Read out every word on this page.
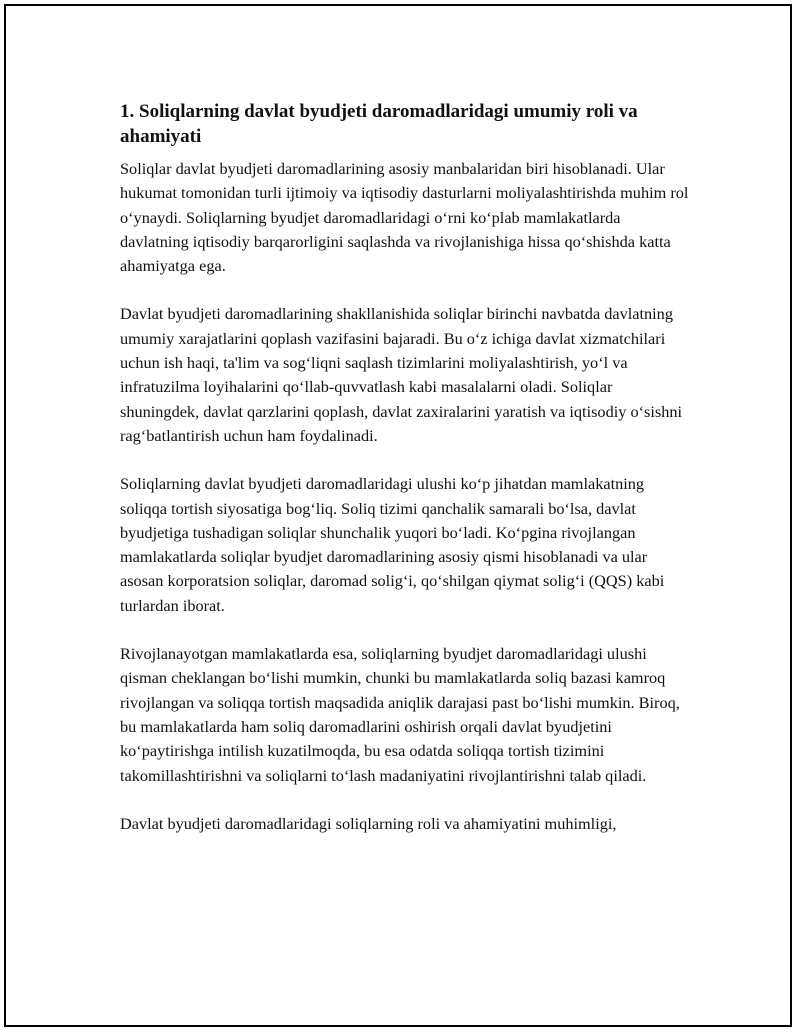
1. Soliqlarning davlat byudjeti daromadlaridagi umumiy roli va ahamiyati

Soliqlar davlat byudjeti daromadlarining asosiy manbalaridan biri hisoblanadi. Ular hukumat tomonidan turli ijtimoiy va iqtisodiy dasturlarni moliyalashtirishda muhim rol o‘ynaydi. Soliqlarning byudjet daromadlaridagi o‘rni ko‘plab mamlakatlarda davlatning iqtisodiy barqarorligini saqlashda va rivojlanishiga hissa qo‘shishda katta ahamiyatga ega.

Davlat byudjeti daromadlarining shakllanishida soliqlar birinchi navbatda davlatning umumiy xarajatlarini qoplash vazifasini bajaradi. Bu o‘z ichiga davlat xizmatchilari uchun ish haqi, ta'lim va sog‘liqni saqlash tizimlarini moliyalashtirish, yo‘l va infratuzilma loyihalarini qo‘llab-quvvatlash kabi masalalarni oladi. Soliqlar shuningdek, davlat qarzlarini qoplash, davlat zaxiralarini yaratish va iqtisodiy o‘sishni rag‘batlantirish uchun ham foydalinadi.

Soliqlarning davlat byudjeti daromadlaridagi ulushi ko‘p jihatdan mamlakatning soliqqa tortish siyosatiga bog‘liq. Soliq tizimi qanchalik samarali bo‘lsa, davlat byudjetiga tushadigan soliqlar shunchalik yuqori bo‘ladi. Ko‘pgina rivojlangan mamlakatlarda soliqlar byudjet daromadlarining asosiy qismi hisoblanadi va ular asosan korporatsion soliqlar, daromad solig‘i, qo‘shilgan qiymat solig‘i (QQS) kabi turlardan iborat.

Rivojlanayotgan mamlakatlarda esa, soliqlarning byudjet daromadlaridagi ulushi qisman cheklangan bo‘lishi mumkin, chunki bu mamlakatlarda soliq bazasi kamroq rivojlangan va soliqqa tortish maqsadida aniqlik darajasi past bo‘lishi mumkin. Biroq, bu mamlakatlarda ham soliq daromadlarini oshirish orqali davlat byudjetini ko‘paytirishga intilish kuzatilmoqda, bu esa odatda soliqqa tortish tizimini takomillashtirishni va soliqlarni to‘lash madaniyatini rivojlantirishni talab qiladi.

Davlat byudjeti daromadlaridagi soliqlarning roli va ahamiyatini muhimligi,
